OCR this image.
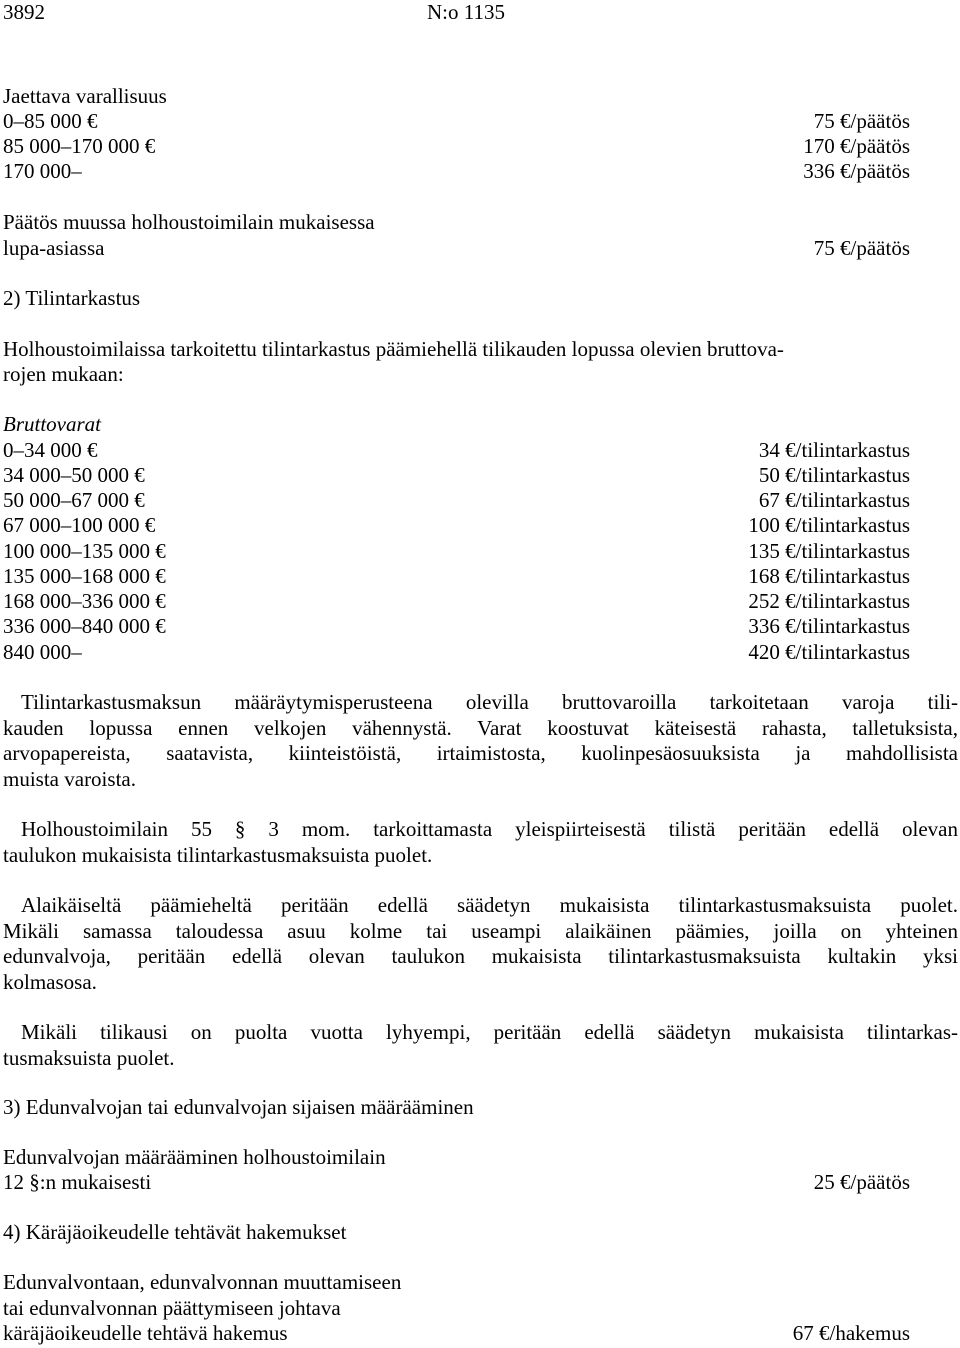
3892	N:o 1135
Jaettava varallisuus
0–85 000 €	75 €/päätös
85 000–170 000 €	170 €/päätös
170 000–	336 €/päätös
Päätös muussa holhoustoimilain mukaisessa
lupa-asiassa	75 €/päätös
2) Tilintarkastus
Holhoustoimilaissa tarkoitettu tilintarkastus päämiehellä tilikauden lopussa olevien bruttova-
rojen mukaan:
Bruttovarat
0–34 000 €	34 €/tilintarkastus
34 000–50 000 €	50 €/tilintarkastus
50 000–67 000 €	67 €/tilintarkastus
67 000–100 000 €	100 €/tilintarkastus
100 000–135 000 €	135 €/tilintarkastus
135 000–168 000 €	168 €/tilintarkastus
168 000–336 000 €	252 €/tilintarkastus
336 000–840 000 €	336 €/tilintarkastus
840 000–	420 €/tilintarkastus
Tilintarkastusmaksun määräytymisperusteena olevilla bruttovaroilla tarkoitetaan varoja tili-
kauden lopussa ennen velkojen vähennystä. Varat koostuvat käteisestä rahasta, talletuksista,
arvopapereista, saatavista, kiinteistöistä, irtaimistosta, kuolinpesäosuuksista ja mahdollisista
muista varoista.
Holhoustoimilain 55 § 3 mom. tarkoittamasta yleispiirteisestä tilistä peritään edellä olevan
taulukon mukaisista tilintarkastusmaksuista puolet.
Alaikäiseltä päämieheltä peritään edellä säädetyn mukaisista tilintarkastusmaksuista puolet.
Mikäli samassa taloudessa asuu kolme tai useampi alaikäinen päämies, joilla on yhteinen
edunvalvoja, peritään edellä olevan taulukon mukaisista tilintarkastusmaksuista kultakin yksi
kolmasosa.
Mikäli tilikausi on puolta vuotta lyhyempi, peritään edellä säädetyn mukaisista tilintarkas-
tusmaksuista puolet.
3) Edunvalvojan tai edunvalvojan sijaisen määrääminen
Edunvalvojan määrääminen holhoustoimilain
12 §:n mukaisesti	25 €/päätös
4) Käräjäoikeudelle tehtävät hakemukset
Edunvalvontaan, edunvalvonnan muuttamiseen
tai edunvalvonnan päättymiseen johtava
käräjäoikeudelle tehtävä hakemus	67 €/hakemus
